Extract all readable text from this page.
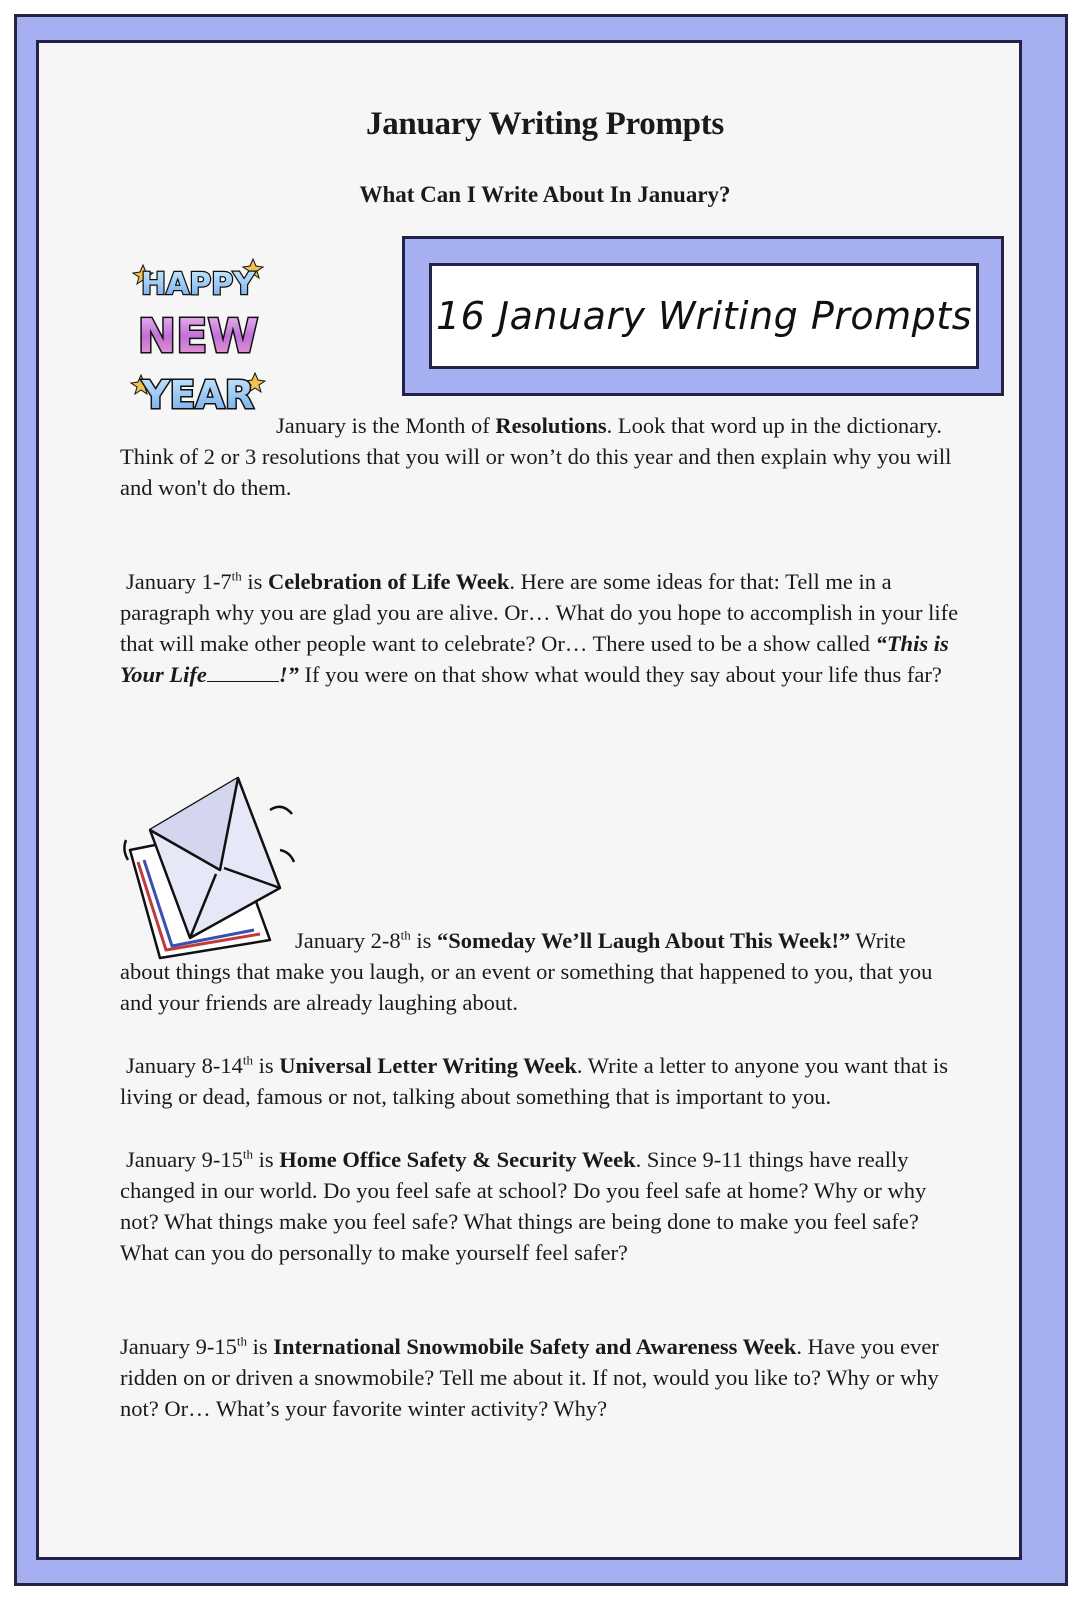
January Writing Prompts
What Can I Write About In January?
HAPPY
NEW
YEAR
16 January Writing Prompts

January is the Month of Resolutions. Look that word up in the dictionary. Think of 2 or 3 resolutions that you will or won’t do this year and then explain why you will and won't do them.

January 1-7th is Celebration of Life Week. Here are some ideas for that: Tell me in a paragraph why you are glad you are alive. Or… What do you hope to accomplish in your life that will make other people want to celebrate? Or… There used to be a show called “This is Your Life	!” If you were on that show what would they say about your life thus far?

January 2-8th is “Someday We’ll Laugh About This Week!” Write about things that make you laugh, or an event or something that happened to you, that you and your friends are already laughing about.

January 8-14th is Universal Letter Writing Week. Write a letter to anyone you want that is living or dead, famous or not, talking about something that is important to you.

January 9-15th is Home Office Safety & Security Week. Since 9-11 things have really changed in our world. Do you feel safe at school? Do you feel safe at home? Why or why not? What things make you feel safe? What things are being done to make you feel safe? What can you do personally to make yourself feel safer?

January 9-15th is International Snowmobile Safety and Awareness Week. Have you ever ridden on or driven a snowmobile? Tell me about it. If not, would you like to? Why or why not? Or… What’s your favorite winter activity? Why?
